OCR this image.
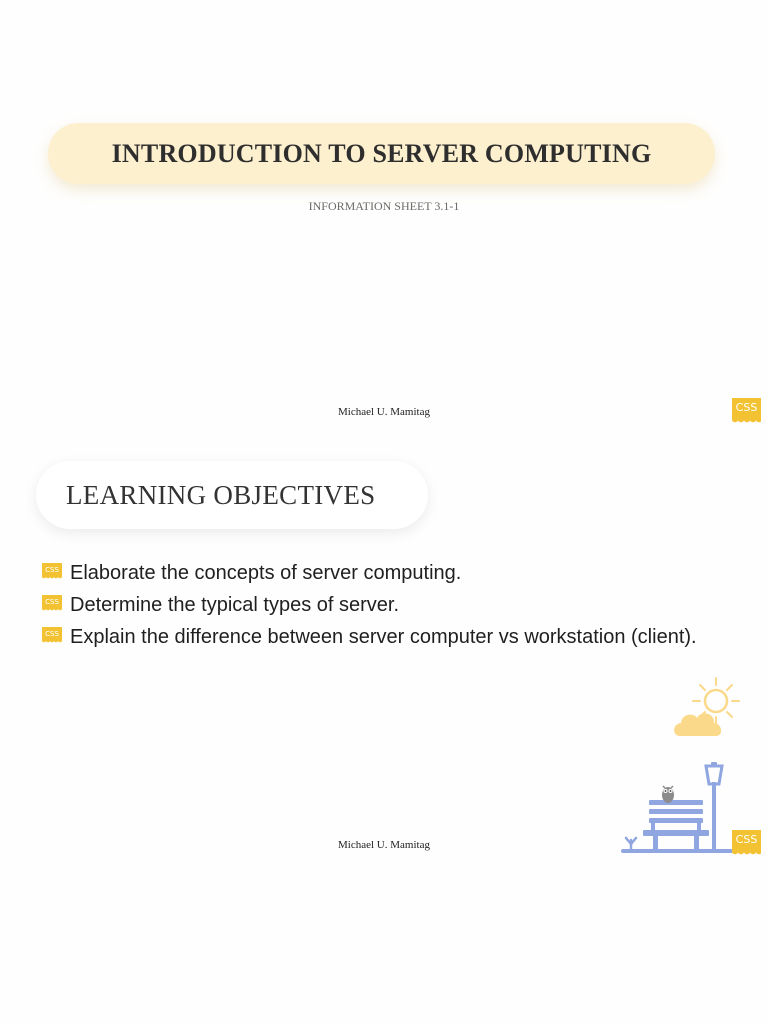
INTRODUCTION TO SERVER COMPUTING
INFORMATION SHEET 3.1-1
Michael U. Mamitag	CSS
LEARNING OBJECTIVES
CSS Elaborate the concepts of server computing.
CSS Determine the typical types of server.
CSS Explain the difference between server computer vs workstation (client).
Michael U. Mamitag	CSS
